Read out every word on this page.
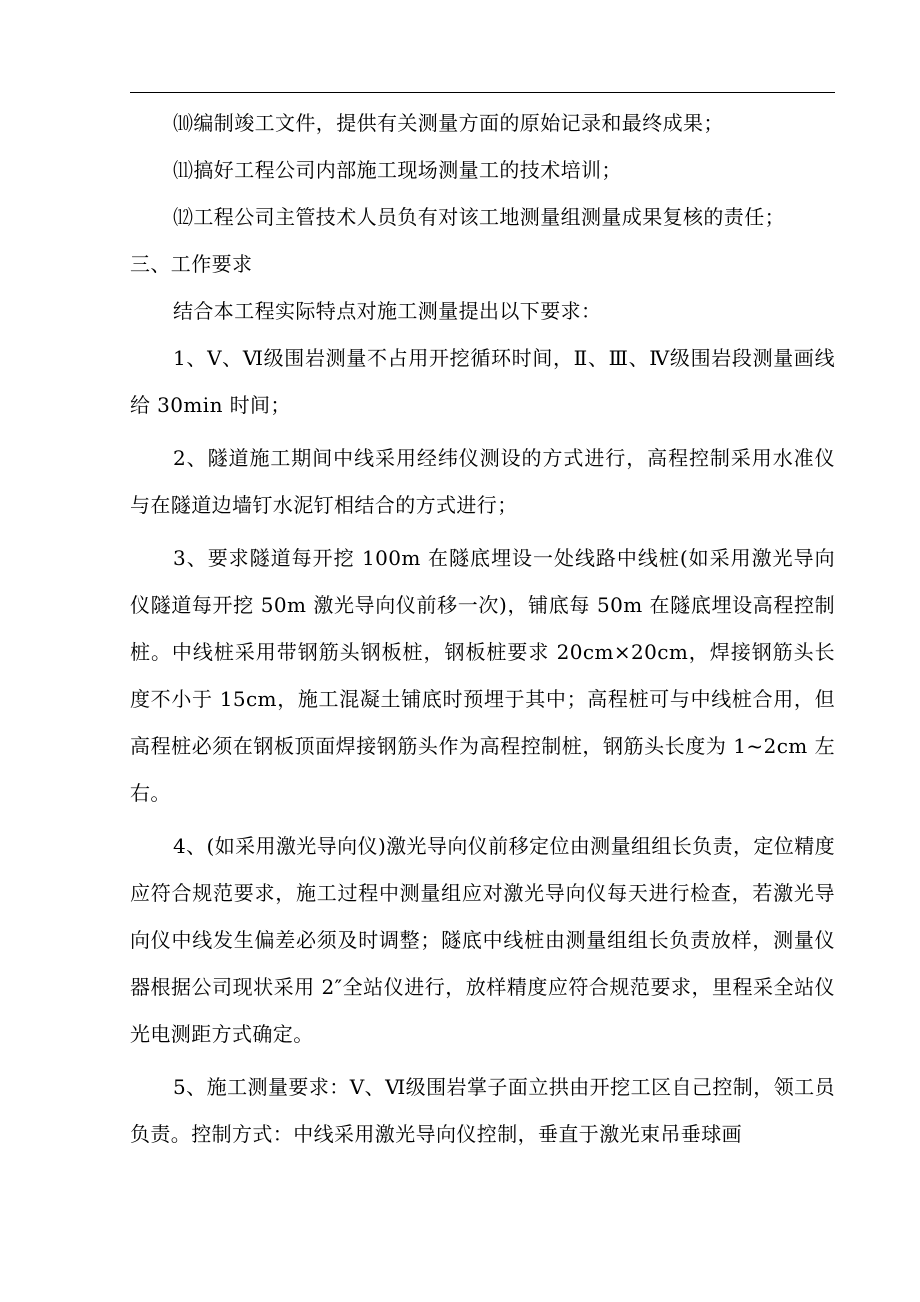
⑽编制竣工文件，提供有关测量方面的原始记录和最终成果；

⑾搞好工程公司内部施工现场测量工的技术培训；

⑿工程公司主管技术人员负有对该工地测量组测量成果复核的责任；

三、工作要求

结合本工程实际特点对施工测量提出以下要求：

1、Ⅴ、Ⅵ级围岩测量不占用开挖循环时间，Ⅱ、Ⅲ、Ⅳ级围岩段测量画线给 30min 时间；

2、隧道施工期间中线采用经纬仪测设的方式进行，高程控制采用水准仪与在隧道边墙钉水泥钉相结合的方式进行；

3、要求隧道每开挖 100m 在隧底埋设一处线路中线桩(如采用激光导向仪隧道每开挖 50m 激光导向仪前移一次)，铺底每 50m 在隧底埋设高程控制桩。中线桩采用带钢筋头钢板桩，钢板桩要求 20cm×20cm，焊接钢筋头长度不小于 15cm，施工混凝土铺底时预埋于其中；高程桩可与中线桩合用，但高程桩必须在钢板顶面焊接钢筋头作为高程控制桩，钢筋头长度为 1~2cm 左右。

4、(如采用激光导向仪)激光导向仪前移定位由测量组组长负责，定位精度应符合规范要求，施工过程中测量组应对激光导向仪每天进行检查，若激光导向仪中线发生偏差必须及时调整；隧底中线桩由测量组组长负责放样，测量仪器根据公司现状采用 2″全站仪进行，放样精度应符合规范要求，里程采全站仪光电测距方式确定。

5、施工测量要求：Ⅴ、Ⅵ级围岩掌子面立拱由开挖工区自己控制，领工员负责。控制方式：中线采用激光导向仪控制，垂直于激光束吊垂球画
